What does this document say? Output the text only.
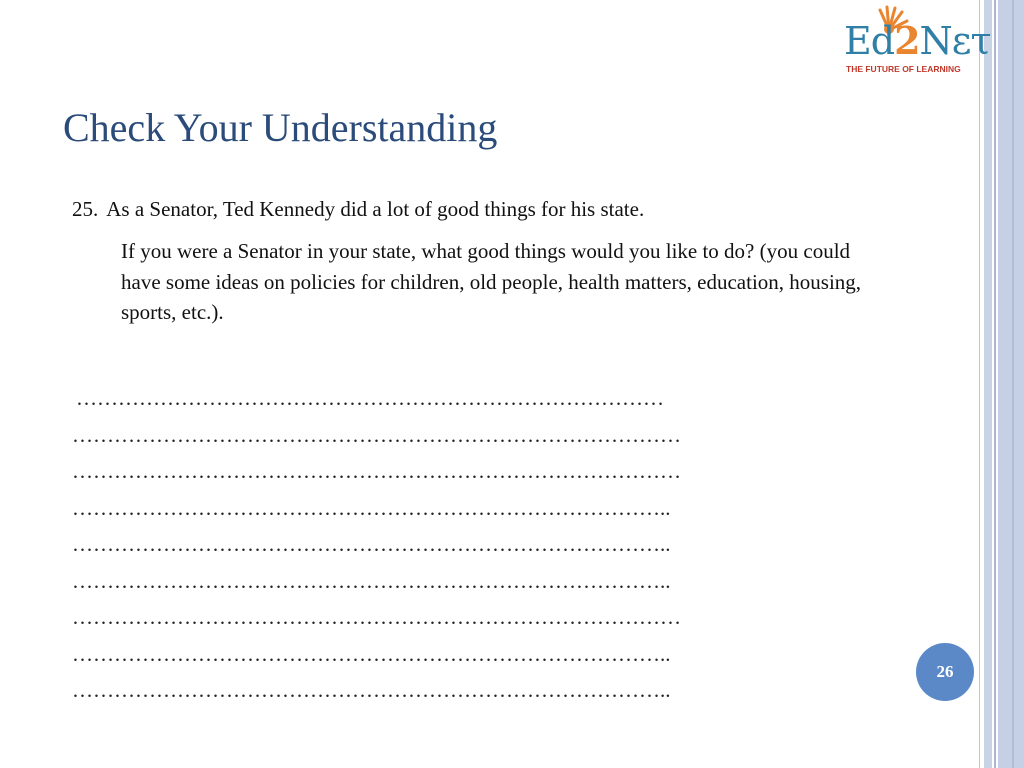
Ed2Nετ
THE FUTURE OF LEARNING
Check Your Understanding

25. As a Senator, Ted Kennedy did a lot of good things for his state.

If you were a Senator in your state, what good things would you like to do? (you could have some ideas on policies for children, old people, health matters, education, housing, sports, etc.).

…………………………………………………………………………
……………………………………………………………………………
……………………………………………………………………………
…………………………………………………………………………..
…………………………………………………………………………..
…………………………………………………………………………..
……………………………………………………………………………
…………………………………………………………………………..
…………………………………………………………………………..
26
